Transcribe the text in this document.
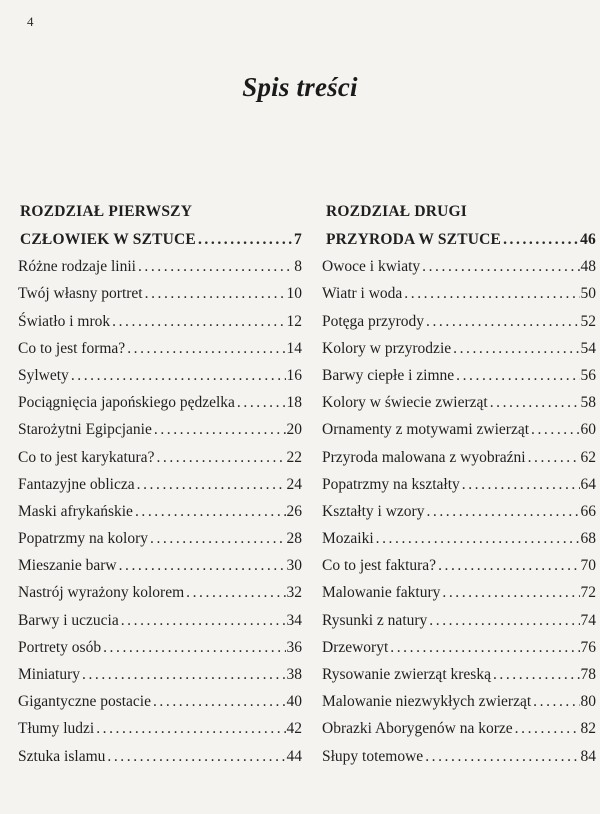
4
Spis treści
ROZDZIAŁ PIERWSZY
CZŁOWIEK W SZTUCE . . .	7
Różne rodzaje linii . . .	8
Twój własny portret . . .	10
Światło i mrok . . .	12
Co to jest forma? . . .	14
Sylwety . . .	16
Pociągnięcia japońskiego pędzelka . . .	18
Starożytni Egipcjanie . . .	20
Co to jest karykatura? . . .	22
Fantazyjne oblicza . . .	24
Maski afrykańskie . . .	26
Popatrzmy na kolory . . .	28
Mieszanie barw . . .	30
Nastrój wyrażony kolorem . . .	32
Barwy i uczucia . . .	34
Portrety osób . . .	36
Miniatury . . .	38
Gigantyczne postacie . . .	40
Tłumy ludzi . . .	42
Sztuka islamu . . .	44
ROZDZIAŁ DRUGI
PRZYRODA W SZTUCE . . .	46
Owoce i kwiaty . . .	48
Wiatr i woda . . .	50
Potęga przyrody . . .	52
Kolory w przyrodzie . . .	54
Barwy ciepłe i zimne . . .	56
Kolory w świecie zwierząt . . .	58
Ornamenty z motywami zwierząt . . .	60
Przyroda malowana z wyobraźni . . .	62
Popatrzmy na kształty . . .	64
Kształty i wzory . . .	66
Mozaiki . . .	68
Co to jest faktura? . . .	70
Malowanie faktury . . .	72
Rysunki z natury . . .	74
Drzeworyt . . .	76
Rysowanie zwierząt kreską . . .	78
Malowanie niezwykłych zwierząt . . .	80
Obrazki Aborygenów na korze . . .	82
Słupy totemowe . . .	84
